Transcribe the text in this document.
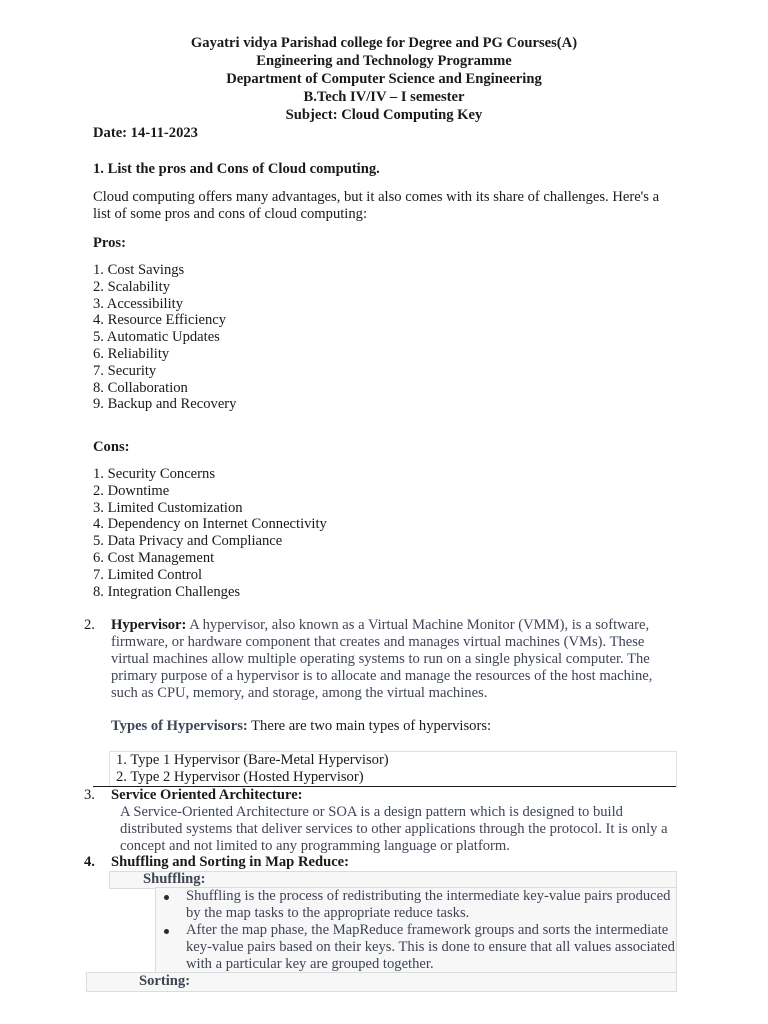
Gayatri vidya Parishad college for Degree and PG Courses(A)
Engineering and Technology Programme
Department of Computer Science and Engineering
B.Tech IV/IV – I semester
Subject: Cloud Computing Key
Date: 14-11-2023
1. List the pros and Cons of Cloud computing.
Cloud computing offers many advantages, but it also comes with its share of challenges. Here's a list of some pros and cons of cloud computing:
Pros:
1. Cost Savings
2. Scalability
3. Accessibility
4. Resource Efficiency
5. Automatic Updates
6. Reliability
7. Security
8. Collaboration
9. Backup and Recovery
Cons:
1. Security Concerns
2. Downtime
3. Limited Customization
4. Dependency on Internet Connectivity
5. Data Privacy and Compliance
6. Cost Management
7. Limited Control
8. Integration Challenges
2. Hypervisor: A hypervisor, also known as a Virtual Machine Monitor (VMM), is a software, firmware, or hardware component that creates and manages virtual machines (VMs). These virtual machines allow multiple operating systems to run on a single physical computer. The primary purpose of a hypervisor is to allocate and manage the resources of the host machine, such as CPU, memory, and storage, among the virtual machines.
Types of Hypervisors: There are two main types of hypervisors:
1. Type 1 Hypervisor (Bare-Metal Hypervisor)
2. Type 2 Hypervisor (Hosted Hypervisor)
3. Service Oriented Architecture:
A Service-Oriented Architecture or SOA is a design pattern which is designed to build distributed systems that deliver services to other applications through the protocol. It is only a concept and not limited to any programming language or platform.
4. Shuffling and Sorting in Map Reduce:
Shuffling:
Shuffling is the process of redistributing the intermediate key-value pairs produced by the map tasks to the appropriate reduce tasks.
After the map phase, the MapReduce framework groups and sorts the intermediate key-value pairs based on their keys. This is done to ensure that all values associated with a particular key are grouped together.
Sorting:
